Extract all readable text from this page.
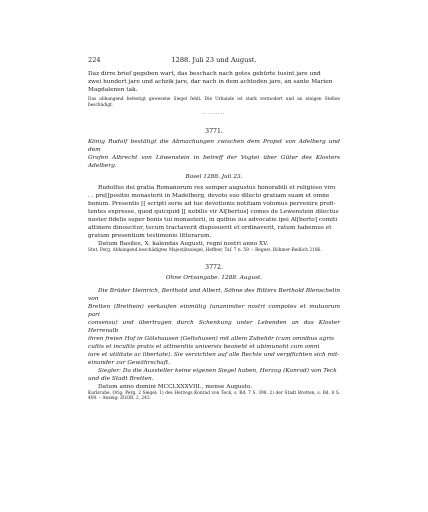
224	1288. Juli 23 und August.

Daz dirre brief gegeben wart, das beschach nach gotes gebürte tusint jare und

zwei hundert jare und achzik jare, dar nach in dem achtoden jare, an sante Marien

Magdalenen tak.

Das abhangend befestigt gewesene Siegel fehlt. Die Urkunde ist stark vermodert und an einigen Stellen beschädigt.

·········
3771.

König Rudolf bestätigt die Abmachungen zwischen dem Propst von Adelberg und dem

Grafen Albrecht von Löwenstein in betreff der Vogtei über Güter des Klosters Adelberg.

Basel 1288. Juli 23.

Rudolfus dei gratia Romanorum rex semper augustus honorabili et religioso viro

. . pre[[positio monasterii in Madelberg, devoto suo dilecto gratiam suam et omne

bonum. Presentis [[ scripti serie ad tue devotionis notitiam volumus pervenire profi-

tentes expresse, quod quicquid [[ nobilis vir Al[bertus] comes de Lewenstein dilectus

noster fidelis super bonis tui monasterii, in quibus ius advocatie ipsi Al[berto] comiti

attinere dinoscitur, tecum tractaverit disposuerit et ordinaverit, ratum habemus et

gratum presentium testimonio litterarum.

Datum Basilee, X. kalendas Augusti, regni nostri anno XV.

Stut. Perg. Abhangend beschädigtes Majestätssiegel, Heffner, Taf. 7 n. 59. – Regest: Böhmer-Redlich 2186.

3772.

Ohne Ortsangabe. 1288. August.

Die Brüder Heinrich, Berthold und Albert, Söhne des Ritters Berthold Blenschelin von

Bretten (Brethein) verkaufen einmütig (unanimiter nostri compotes et mutuorum pari

consensu) und übertragen durch Schenkung unter Lebenden an das Kloster Herrenalb

ihren freien Hof in Gölshausen (Geltshusen) mit allem Zubehör (cum omnibus agris

cultis et incultis pratis et attinentiis universis beaneht et ubimunoht cum omni

iure et utilitate ac libertate). Sie verzichten auf alle Rechte und verpflichten sich mit-

einander zur Gewährschaft.

Siegler: Da die Aussteller keine eigenen Siegel haben, Herzog (Konrad) von Teck

und die Stadt Bretten.

Datum anno domini MCCLXXXVIII., mense Augusto.

Karlsruhe. Orig. Perg. 2 Siegel: 1) des Herzogs Konrad von Teck, s. Bd. 7 S. 398. 2) der Stadt Bretten, s. Bd. 8 S. 400. – Anzeig: ZGOR. 2, 243.
